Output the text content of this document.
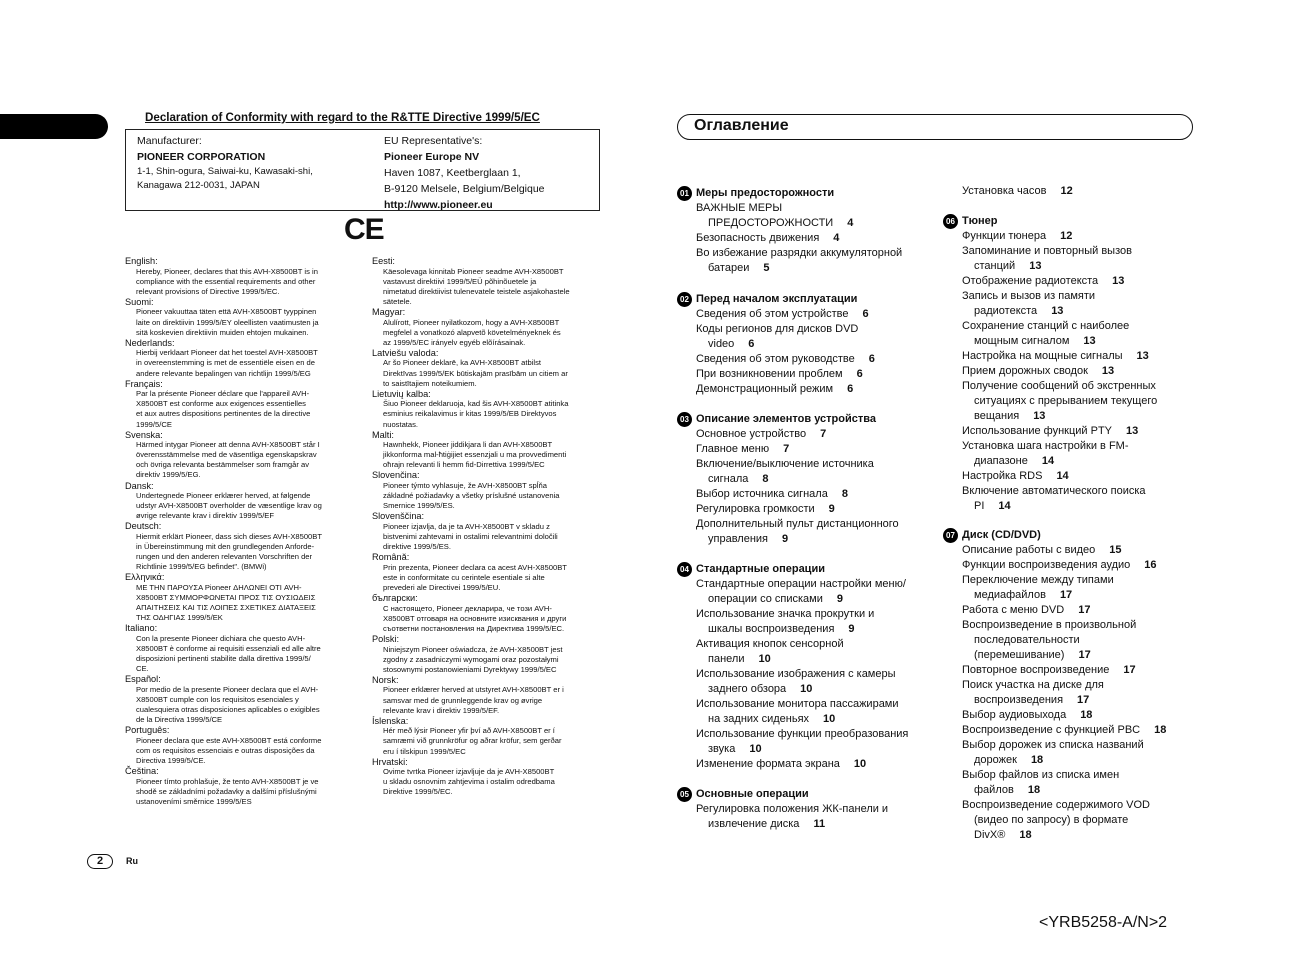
Declaration of Conformity with regard to the R&TTE Directive 1999/5/EC
Manufacturer:
PIONEER CORPORATION
1-1, Shin-ogura, Saiwai-ku, Kawasaki-shi,
Kanagawa 212-0031, JAPAN
EU Representative's:
Pioneer Europe NV
Haven 1087, Keetberglaan 1,
B-9120 Melsele, Belgium/Belgique
http://www.pioneer.eu
CE
English:
Hereby, Pioneer, declares that this AVH-X8500BT is in
compliance with the essential requirements and other
relevant provisions of Directive 1999/5/EC.
Suomi:
Pioneer vakuuttaa täten että AVH-X8500BT tyyppinen
laite on direktiivin 1999/5/EY oleellisten vaatimusten ja
sitä koskevien direktiivin muiden ehtojen mukainen.
Nederlands:
Hierbij verklaart Pioneer dat het toestel AVH-X8500BT
in overeenstemming is met de essentiële eisen en de
andere relevante bepalingen van richtlijn 1999/5/EG
Français:
Par la présente Pioneer déclare que l'appareil AVH-
X8500BT est conforme aux exigences essentielles
et aux autres dispositions pertinentes de la directive
1999/5/CE
Svenska:
Härmed intygar Pioneer att denna AVH-X8500BT står I
överensstämmelse med de väsentliga egenskapskrav
och övriga relevanta bestämmelser som framgår av
direktiv 1999/5/EG.
Dansk:
Undertegnede Pioneer erklærer herved, at følgende
udstyr AVH-X8500BT overholder de væsentlige krav og
øvrige relevante krav i direktiv 1999/5/EF
Deutsch:
Hiermit erklärt Pioneer, dass sich dieses AVH-X8500BT
in Übereinstimmung mit den grundlegenden Anforde-
rungen und den anderen relevanten Vorschriften der
Richtlinie 1999/5/EG befindet". (BMWi)
Ελληνικά:
ΜΕ ΤΗΝ ΠΑΡΟΥΣΑ Pioneer ΔΗΛΩΝΕΙ ΟΤΙ AVH-
X8500BT ΣΥΜΜΟΡΦΩΝΕΤΑΙ ΠΡΟΣ ΤΙΣ ΟΥΣΙΩΔΕΙΣ
ΑΠΑΙΤΗΣΕΙΣ ΚΑΙ ΤΙΣ ΛΟΙΠΕΣ ΣΧΕΤΙΚΕΣ ΔΙΑΤΑΞΕΙΣ
ΤΗΣ ΟΔΗΓΙΑΣ 1999/5/ΕΚ
Italiano:
Con la presente Pioneer dichiara che questo AVH-
X8500BT è conforme ai requisiti essenziali ed alle altre
disposizioni pertinenti stabilite dalla direttiva 1999/5/
CE.
Español:
Por medio de la presente Pioneer declara que el AVH-
X8500BT cumple con los requisitos esenciales y
cualesquiera otras disposiciones aplicables o exigibles
de la Directiva 1999/5/CE
Português:
Pioneer declara que este AVH-X8500BT está conforme
com os requisitos essenciais e outras disposições da
Directiva 1999/5/CE.
Čeština:
Pioneer tímto prohlašuje, že tento AVH-X8500BT je ve
shodě se základními požadavky a dalšími příslušnými
ustanoveními směrnice 1999/5/ES
Eesti:
Käesolevaga kinnitab Pioneer seadme AVH-X8500BT
vastavust direktiivi 1999/5/EÜ põhinõuetele ja
nimetatud direktiivist tulenevatele teistele asjakohastele
sätetele.
Magyar:
Alulírott, Pioneer nyilatkozom, hogy a AVH-X8500BT
megfelel a vonatkozó alapvetõ követelményeknek és
az 1999/5/EC irányelv egyéb elõírásainak.
Latviešu valoda:
Ar šo Pioneer deklarē, ka AVH-X8500BT atbilst
Direktīvas 1999/5/EK būtiskajām prasībām un citiem ar
to saistītajiem noteikumiem.
Lietuvių kalba:
Šiuo Pioneer deklaruoja, kad šis AVH-X8500BT atitinka
esminius reikalavimus ir kitas 1999/5/EB Direktyvos
nuostatas.
Malti:
Hawnhekk, Pioneer jiddikjara li dan AVH-X8500BT
jikkonforma mal-ħtiġijiet essenzjali u ma provvedimenti
oħrajn relevanti li hemm fid-Dirrettiva 1999/5/EC
Slovenčina:
Pioneer týmto vyhlasuje, že AVH-X8500BT spĺňa
základné požiadavky a všetky príslušné ustanovenia
Smernice 1999/5/ES.
Slovenščina:
Pioneer izjavlja, da je ta AVH-X8500BT v skladu z
bistvenimi zahtevami in ostalimi relevantnimi določili
direktive 1999/5/ES.
Română:
Prin prezenta, Pioneer declara ca acest AVH-X8500BT
este in conformitate cu cerintele esentiale si alte
prevederi ale Directivei 1999/5/EU.
български:
С настоящето, Pioneer декларира, че този AVH-
X8500BT отговаря на основните изисквания и други
съответни постановления на Директива 1999/5/ЕС.
Polski:
Niniejszym Pioneer oświadcza, że AVH-X8500BT jest
zgodny z zasadniczymi wymogami oraz pozostałymi
stosownymi postanowieniami Dyrektywy 1999/5/EC
Norsk:
Pioneer erklærer herved at utstyret AVH-X8500BT er i
samsvar med de grunnleggende krav og øvrige
relevante krav i direktiv 1999/5/EF.
Íslenska:
Hér með lýsir Pioneer yfir því að AVH-X8500BT er í
samræmi við grunnkröfur og aðrar kröfur, sem gerðar
eru í tilskipun 1999/5/EC
Hrvatski:
Ovime tvrtka Pioneer izjavljuje da je AVH-X8500BT
u skladu osnovnim zahtjevima i ostalim odredbama
Direktive 1999/5/EC.
2	Ru
Оглавление
01 Меры предосторожности
ВАЖНЫЕ МЕРЫ
ПРЕДОСТОРОЖНОСТИ 4
Безопасность движения 4
Во избежание разрядки аккумуляторной
батареи 5
02 Перед началом эксплуатации
Сведения об этом устройстве 6
Коды регионов для дисков DVD
video 6
Сведения об этом руководстве 6
При возникновении проблем 6
Демонстрационный режим 6
03 Описание элементов устройства
Основное устройство 7
Главное меню 7
Включение/выключение источника
сигнала 8
Выбор источника сигнала 8
Регулировка громкости 9
Дополнительный пульт дистанционного
управления 9
04 Стандартные операции
Стандартные операции настройки меню/
операции со списками 9
Использование значка прокрутки и
шкалы воспроизведения 9
Активация кнопок сенсорной
панели 10
Использование изображения с камеры
заднего обзора 10
Использование монитора пассажирами
на задних сиденьях 10
Использование функции преобразования
звука 10
Изменение формата экрана 10
05 Основные операции
Регулировка положения ЖК-панели и
извлечение диска 11
Установка часов 12
06 Тюнер
Функции тюнера 12
Запоминание и повторный вызов
станций 13
Отображение радиотекста 13
Запись и вызов из памяти
радиотекста 13
Сохранение станций с наиболее
мощным сигналом 13
Настройка на мощные сигналы 13
Прием дорожных сводок 13
Получение сообщений об экстренных
ситуациях с прерыванием текущего
вещания 13
Использование функций PTY 13
Установка шага настройки в FM-
диапазоне 14
Настройка RDS 14
Включение автоматического поиска
PI 14
07 Диск (CD/DVD)
Описание работы с видео 15
Функции воспроизведения аудио 16
Переключение между типами
медиафайлов 17
Работа с меню DVD 17
Воспроизведение в произвольной
последовательности
(перемешивание) 17
Повторное воспроизведение 17
Поиск участка на диске для
воспроизведения 17
Выбор аудиовыхода 18
Воспроизведение с функцией PBC 18
Выбор дорожек из списка названий
дорожек 18
Выбор файлов из списка имен
файлов 18
Воспроизведение содержимого VOD
(видео по запросу) в формате
DivX® 18
<YRB5258-A/N>2
